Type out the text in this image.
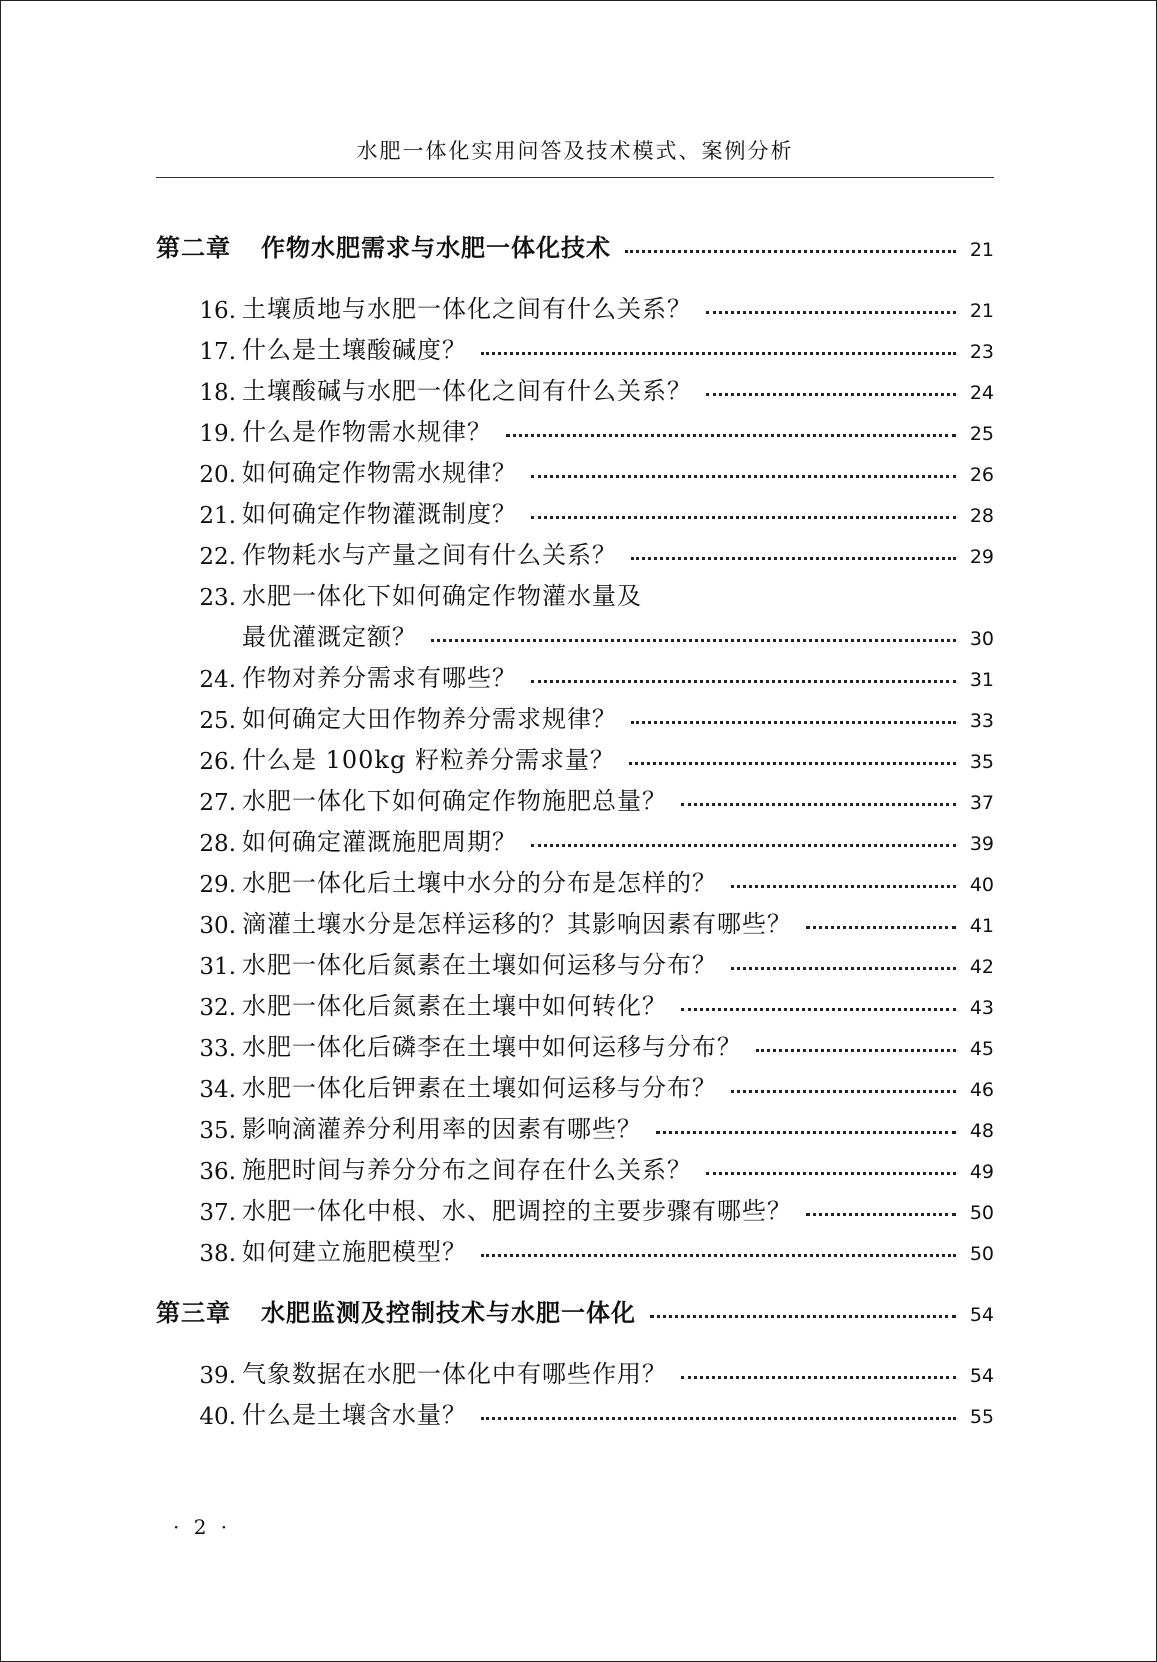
水肥一体化实用问答及技术模式、案例分析
第二章 作物水肥需求与水肥一体化技术	21
16. 土壤质地与水肥一体化之间有什么关系？	21
17. 什么是土壤酸碱度？	23
18. 土壤酸碱与水肥一体化之间有什么关系？	24
19. 什么是作物需水规律？	25
20. 如何确定作物需水规律？	26
21. 如何确定作物灌溉制度？	28
22. 作物耗水与产量之间有什么关系？	29
23. 水肥一体化下如何确定作物灌水量及
最优灌溉定额？	30
24. 作物对养分需求有哪些？	31
25. 如何确定大田作物养分需求规律？	33
26. 什么是 100kg 籽粒养分需求量？	35
27. 水肥一体化下如何确定作物施肥总量？	37
28. 如何确定灌溉施肥周期？	39
29. 水肥一体化后土壤中水分的分布是怎样的？	40
30. 滴灌土壤水分是怎样运移的？其影响因素有哪些？	41
31. 水肥一体化后氮素在土壤如何运移与分布？	42
32. 水肥一体化后氮素在土壤中如何转化？	43
33. 水肥一体化后磷李在土壤中如何运移与分布？	45
34. 水肥一体化后钾素在土壤如何运移与分布？	46
35. 影响滴灌养分利用率的因素有哪些？	48
36. 施肥时间与养分分布之间存在什么关系？	49
37. 水肥一体化中根、水、肥调控的主要步骤有哪些？	50
38. 如何建立施肥模型？	50
第三章 水肥监测及控制技术与水肥一体化	54
39. 气象数据在水肥一体化中有哪些作用？	54
40. 什么是土壤含水量？	55
· 2 ·
